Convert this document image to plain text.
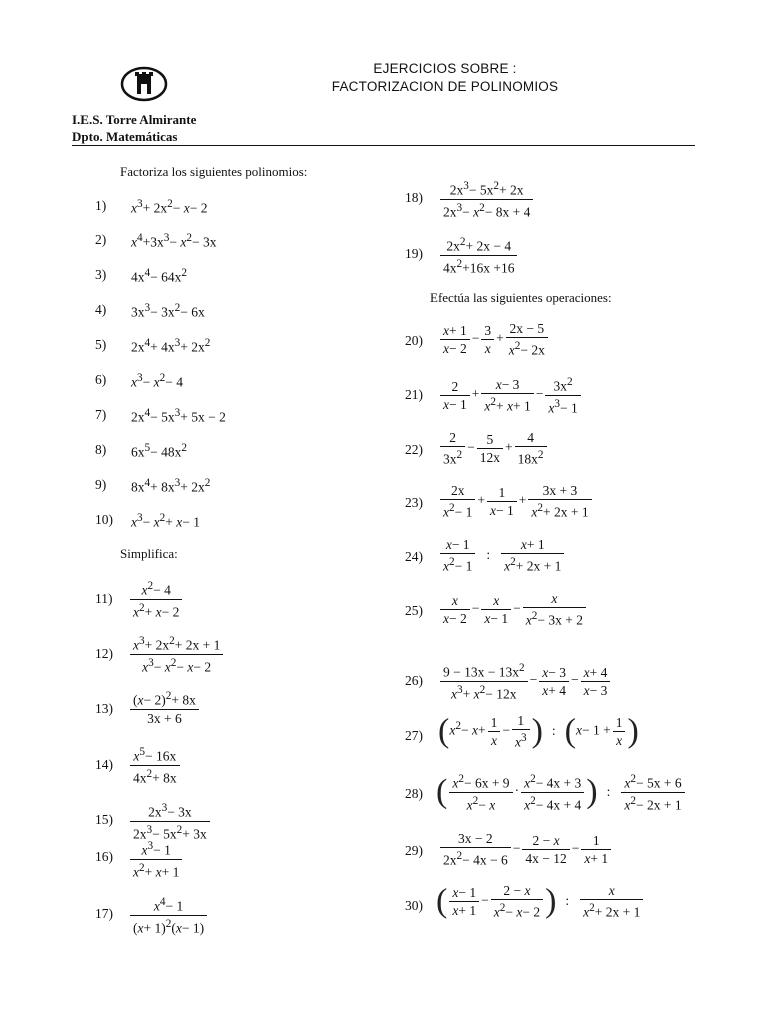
EJERCICIOS SOBRE :
FACTORIZACION DE POLINOMIOS
I.E.S. Torre Almirante
Dpto. Matemáticas
Factoriza los siguientes polinomios:
1) $x^3+ 2x^2- x- 2$
2) $x^4+3x^3- x^2- 3x$
3) $4x^4- 64x^2$
4) $3x^3- 3x^2- 6x$
5) $2x^4+ 4x^3+ 2x^2$
6) $x^3- x^2- 4$
7) $2x^4- 5x^3+ 5x - 2$
8) $6x^5- 48x^2$
9) $8x^4+ 8x^3+ 2x^2$
10) $x^3- x^2+ x- 1$
Simplifica:
$11) \frac{x^2- 4}{x^2+ x- 2}$
$12) \frac{x^3+ 2x^2+ 2x + 1}{x^3- x^2- x- 2}$
$13) \frac{(x- 2)^2+ 8x}{3x + 6}$
$14) \frac{x^5- 16x}{4x^2+ 8x}$
$15) \frac{2x^3- 3x}{2x^3- 5x^2+ 3x}$
$16) \frac{x^3- 1}{x^2+ x+ 1}$
$17) \frac{x^4- 1}{(x+ 1)^2(x- 1)}$
$18) \frac{2x^3- 5x^2+ 2x}{2x^3- x^2- 8x + 4}$
$19) \frac{2x^2+ 2x - 4}{4x^2+16x +16}$
Efectúa las siguientes operaciones:
$20) \frac{x+ 1}{x- 2} - \frac{3}{x} + \frac{2x - 5}{x^2- 2x}$
$21) \frac{2}{x- 1} + \frac{x- 3}{x^2+ x+ 1} - \frac{3x^2}{x^3- 1}$
$22) \frac{2}{3x^2} - \frac{5}{12x} + \frac{4}{18x^2}$
$23) \frac{2x}{x^2- 1} + \frac{1}{x- 1} + \frac{3x + 3}{x^2+ 2x + 1}$
$24) \frac{x- 1}{x^2- 1}$ : $\frac{x+ 1}{x^2+ 2x + 1}$
$25) \frac{x}{x- 2} - \frac{x}{x- 1} - \frac{x}{x^2- 3x + 2}$
$26) \frac{9 - 13x - 13x^2}{x^3+ x^2- 12x} - \frac{x- 3}{x+ 4} - \frac{x+ 4}{x- 3}$
27) ($x^2- x+ \frac{1}{x} - \frac{1}{x^3}$ ) : ($x- 1 + \frac{1}{x}$ )
28) ( $\frac{x^2- 6x + 9}{x^2- x} \cdot \frac{x^2- 4x + 3}{x^2- 4x + 4}$ ) : $\frac{x^2- 5x + 6}{x^2- 2x + 1}$
$29) \frac{3x - 2}{2x^2- 4x - 6} - \frac{2 - x}{4x - 12} - \frac{1}{x+ 1}$
30) ( $\frac{x- 1}{x+ 1} - \frac{2 - x}{x^2- x- 2}$ ) : $\frac{x}{x^2+ 2x + 1}$
